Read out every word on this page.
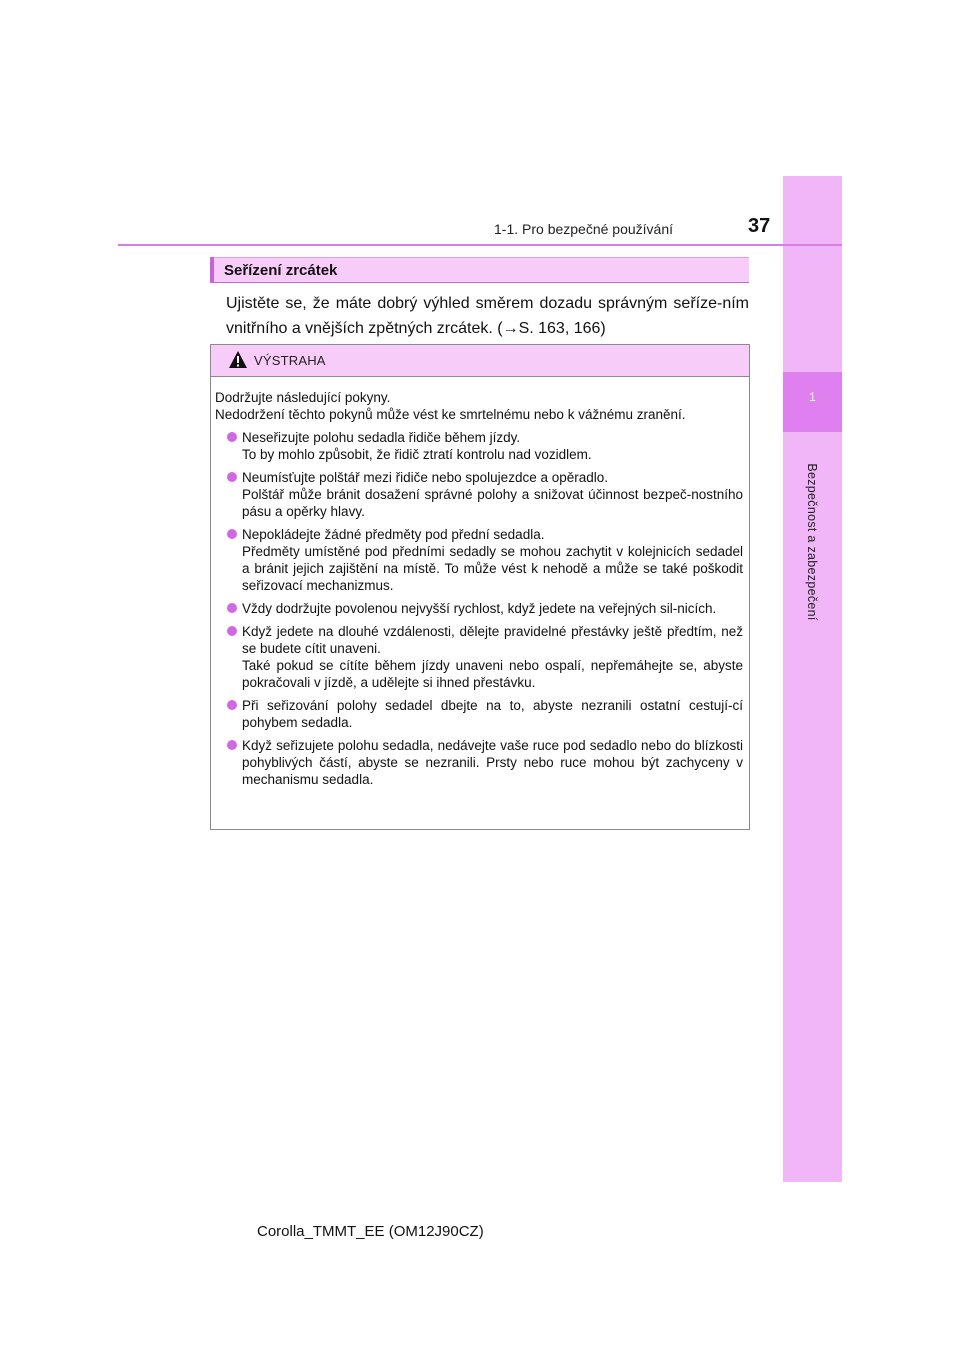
1
Bezpečnost a zabezpečení
1-1. Pro bezpečné používání	37
Seřízení zrcátek
Ujistěte se, že máte dobrý výhled směrem dozadu správným seříze-ním vnitřního a vnějších zpětných zrcátek. (→S. 163, 166)
VÝSTRAHA
Dodržujte následující pokyny.
Nedodržení těchto pokynů může vést ke smrtelnému nebo k vážnému zranění.
Neseřizujte polohu sedadla řidiče během jízdy.
To by mohlo způsobit, že řidič ztratí kontrolu nad vozidlem.
Neumísťujte polštář mezi řidiče nebo spolujezdce a opěradlo.
Polštář může bránit dosažení správné polohy a snižovat účinnost bezpeč-nostního pásu a opěrky hlavy.
Nepokládejte žádné předměty pod přední sedadla.
Předměty umístěné pod předními sedadly se mohou zachytit v kolejnicích sedadel a bránit jejich zajištění na místě. To může vést k nehodě a může se také poškodit seřizovací mechanizmus.
Vždy dodržujte povolenou nejvyšší rychlost, když jedete na veřejných sil-nicích.
Když jedete na dlouhé vzdálenosti, dělejte pravidelné přestávky ještě předtím, než se budete cítit unaveni.
Také pokud se cítíte během jízdy unaveni nebo ospalí, nepřemáhejte se, abyste pokračovali v jízdě, a udělejte si ihned přestávku.
Při seřizování polohy sedadel dbejte na to, abyste nezranili ostatní cestují-cí pohybem sedadla.
Když seřizujete polohu sedadla, nedávejte vaše ruce pod sedadlo nebo do blízkosti pohyblivých částí, abyste se nezranili. Prsty nebo ruce mohou být zachyceny v mechanismu sedadla.
Corolla_TMMT_EE (OM12J90CZ)
